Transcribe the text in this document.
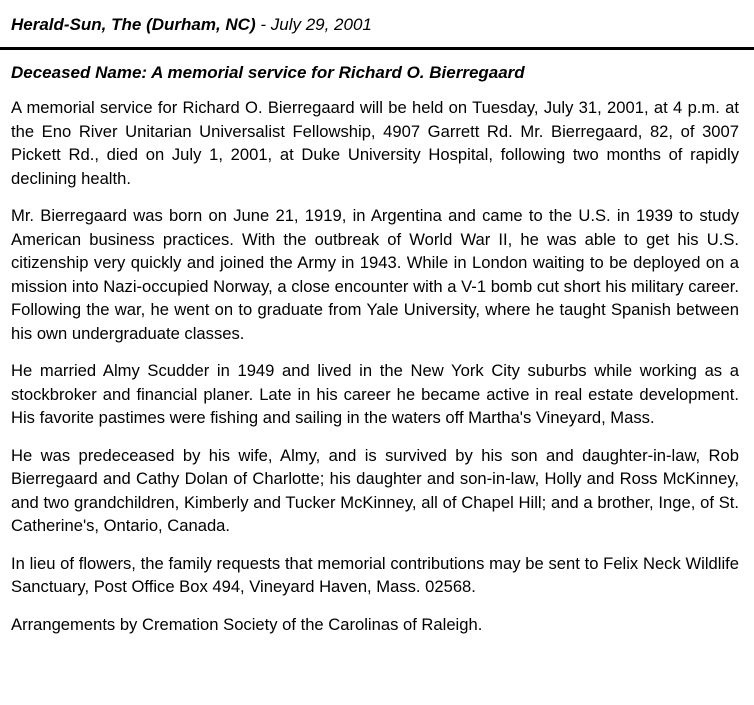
Herald-Sun, The (Durham, NC) - July 29, 2001
Deceased Name: A memorial service for Richard O. Bierregaard

A memorial service for Richard O. Bierregaard will be held on Tuesday, July 31, 2001, at 4 p.m. at the Eno River Unitarian Universalist Fellowship, 4907 Garrett Rd. Mr. Bierregaard, 82, of 3007 Pickett Rd., died on July 1, 2001, at Duke University Hospital, following two months of rapidly declining health.

Mr. Bierregaard was born on June 21, 1919, in Argentina and came to the U.S. in 1939 to study American business practices. With the outbreak of World War II, he was able to get his U.S. citizenship very quickly and joined the Army in 1943. While in London waiting to be deployed on a mission into Nazi-occupied Norway, a close encounter with a V-1 bomb cut short his military career. Following the war, he went on to graduate from Yale University, where he taught Spanish between his own undergraduate classes.

He married Almy Scudder in 1949 and lived in the New York City suburbs while working as a stockbroker and financial planer. Late in his career he became active in real estate development. His favorite pastimes were fishing and sailing in the waters off Martha's Vineyard, Mass.

He was predeceased by his wife, Almy, and is survived by his son and daughter-in-law, Rob Bierregaard and Cathy Dolan of Charlotte; his daughter and son-in-law, Holly and Ross McKinney, and two grandchildren, Kimberly and Tucker McKinney, all of Chapel Hill; and a brother, Inge, of St. Catherine's, Ontario, Canada.

In lieu of flowers, the family requests that memorial contributions may be sent to Felix Neck Wildlife Sanctuary, Post Office Box 494, Vineyard Haven, Mass. 02568.

Arrangements by Cremation Society of the Carolinas of Raleigh.
